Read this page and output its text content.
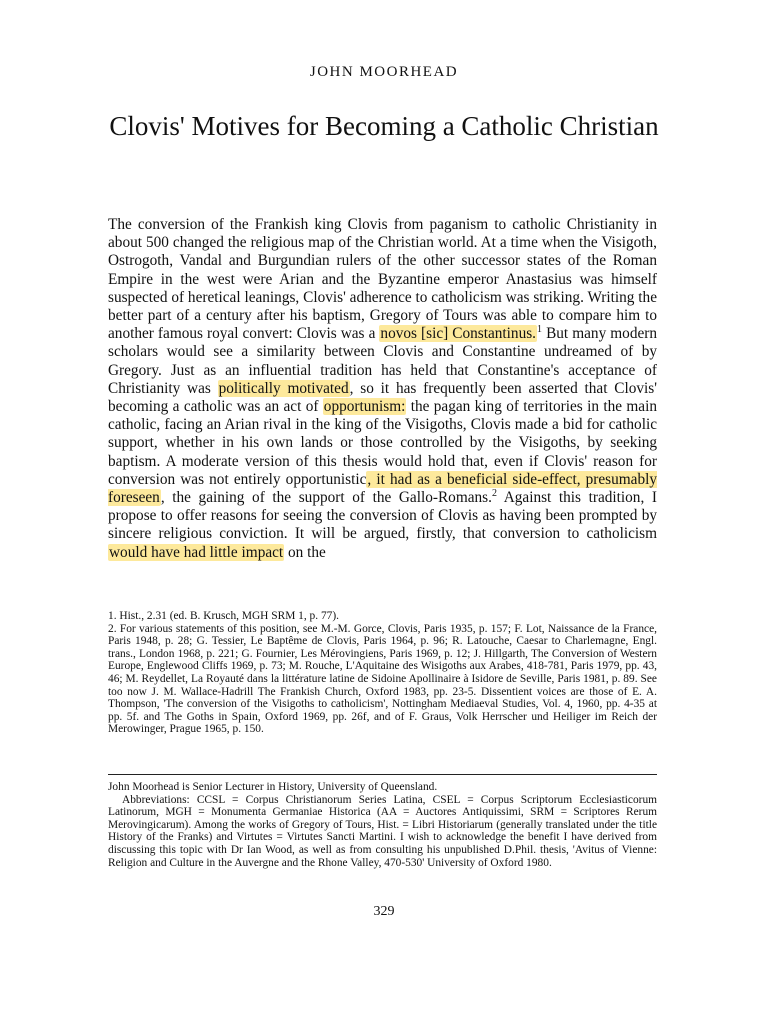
JOHN MOORHEAD
Clovis' Motives for Becoming a Catholic Christian

The conversion of the Frankish king Clovis from paganism to catholic Christianity in about 500 changed the religious map of the Christian world. At a time when the Visigoth, Ostrogoth, Vandal and Burgundian rulers of the other successor states of the Roman Empire in the west were Arian and the Byzantine emperor Anastasius was himself suspected of heretical leanings, Clovis' adherence to catholicism was striking. Writing the better part of a century after his baptism, Gregory of Tours was able to compare him to another famous royal convert: Clovis was a novos [sic] Constantinus.$^1$ But many modern scholars would see a similarity between Clovis and Constantine undreamed of by Gregory. Just as an influential tradition has held that Constantine's acceptance of Christianity was politically motivated, so it has frequently been asserted that Clovis' becoming a catholic was an act of opportunism: the pagan king of territories in the main catholic, facing an Arian rival in the king of the Visigoths, Clovis made a bid for catholic support, whether in his own lands or those controlled by the Visigoths, by seeking baptism. A moderate version of this thesis would hold that, even if Clovis' reason for conversion was not entirely opportunistic, it had as a beneficial side-effect, presumably foreseen, the gaining of the support of the Gallo-Romans.$^2$ Against this tradition, I propose to offer reasons for seeing the conversion of Clovis as having been prompted by sincere religious conviction. It will be argued, firstly, that conversion to catholicism would have had little impact on the

1. Hist., 2.31 (ed. B. Krusch, MGH SRM 1, p. 77).

2. For various statements of this position, see M.-M. Gorce, Clovis, Paris 1935, p. 157; F. Lot, Naissance de la France, Paris 1948, p. 28; G. Tessier, Le Baptême de Clovis, Paris 1964, p. 96; R. Latouche, Caesar to Charlemagne, Engl. trans., London 1968, p. 221; G. Fournier, Les Mérovingiens, Paris 1969, p. 12; J. Hillgarth, The Conversion of Western Europe, Englewood Cliffs 1969, p. 73; M. Rouche, L'Aquitaine des Wisigoths aux Arabes, 418-781, Paris 1979, pp. 43, 46; M. Reydellet, La Royauté dans la littérature latine de Sidoine Apollinaire à Isidore de Seville, Paris 1981, p. 89. See too now J. M. Wallace-Hadrill The Frankish Church, Oxford 1983, pp. 23-5. Dissentient voices are those of E. A. Thompson, 'The conversion of the Visigoths to catholicism', Nottingham Mediaeval Studies, Vol. 4, 1960, pp. 4-35 at pp. 5f. and The Goths in Spain, Oxford 1969, pp. 26f, and of F. Graus, Volk Herrscher und Heiliger im Reich der Merowinger, Prague 1965, p. 150.

John Moorhead is Senior Lecturer in History, University of Queensland.

Abbreviations: CCSL = Corpus Christianorum Series Latina, CSEL = Corpus Scriptorum Ecclesiasticorum Latinorum, MGH = Monumenta Germaniae Historica (AA = Auctores Antiquissimi, SRM = Scriptores Rerum Merovingicarum). Among the works of Gregory of Tours, Hist. = Libri Historiarum (generally translated under the title History of the Franks) and Virtutes = Virtutes Sancti Martini. I wish to acknowledge the benefit I have derived from discussing this topic with Dr Ian Wood, as well as from consulting his unpublished D.Phil. thesis, 'Avitus of Vienne: Religion and Culture in the Auvergne and the Rhone Valley, 470-530' University of Oxford 1980.

329
